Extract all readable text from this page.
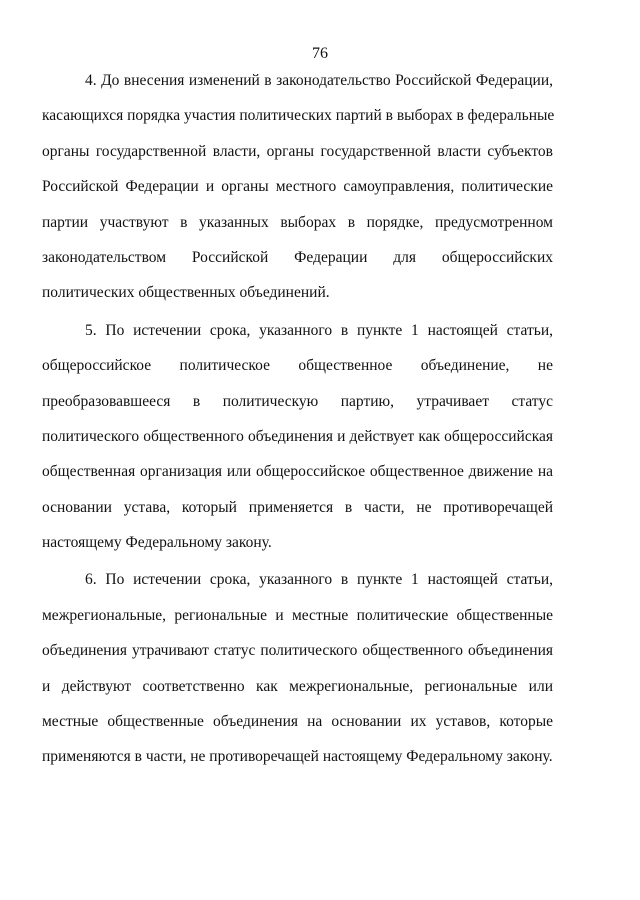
76
4. До внесения изменений в законодательство Российской Федерации,
касающихся порядка участия политических партий в выборах в федеральные
органы государственной власти, органы государственной власти субъектов
Российской Федерации и органы местного самоуправления, политические
партии участвуют в указанных выборах в порядке, предусмотренном
законодательством Российской Федерации для общероссийских
политических общественных объединений.
5. По истечении срока, указанного в пункте 1 настоящей статьи,
общероссийское политическое общественное объединение, не
преобразовавшееся в политическую партию, утрачивает статус
политического общественного объединения и действует как общероссийская
общественная организация или общероссийское общественное движение на
основании устава, который применяется в части, не противоречащей
настоящему Федеральному закону.
6. По истечении срока, указанного в пункте 1 настоящей статьи,
межрегиональные, региональные и местные политические общественные
объединения утрачивают статус политического общественного объединения
и действуют соответственно как межрегиональные, региональные или
местные общественные объединения на основании их уставов, которые
применяются в части, не противоречащей настоящему Федеральному закону.
